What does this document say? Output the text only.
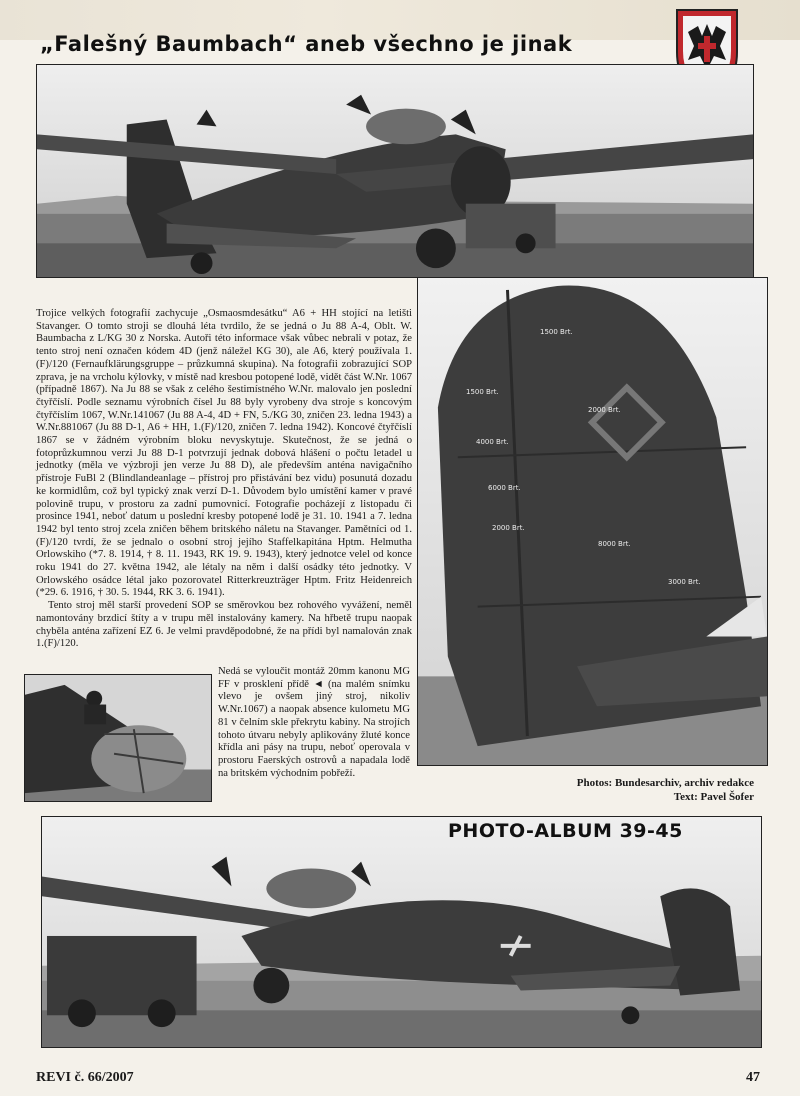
„Falešný Baumbach“ aneb všechno je jinak

Trojice velkých fotografií zachycuje „Osmaosmdesátku“ A6 + HH stojící na letišti Stavanger. O tomto stroji se dlouhá léta tvrdilo, že se jedná o Ju 88 A-4, Oblt. W. Baumbacha z L/KG 30 z Norska. Autoři této informace však vůbec nebrali v potaz, že tento stroj není označen kódem 4D (jenž náležel KG 30), ale A6, který používala 1.(F)/120 (Fernaufklärungsgruppe – průzkumná skupina). Na fotografii zobrazující SOP zprava, je na vrcholu kýlovky, v místě nad kresbou potopené lodě, vidět část W.Nr. 1067 (případně 1867). Na Ju 88 se však z celého šestimístného W.Nr. malovalo jen poslední čtyřčíslí. Podle seznamu výrobních čísel Ju 88 byly vyrobeny dva stroje s koncovým čtyřčíslím 1067, W.Nr.141067 (Ju 88 A-4, 4D + FN, 5./KG 30, zničen 23. ledna 1943) a W.Nr.881067 (Ju 88 D-1, A6 + HH, 1.(F)/120, zničen 7. ledna 1942). Koncové čtyřčíslí 1867 se v žádném výrobním bloku nevyskytuje. Skutečnost, že se jedná o fotoprůzkumnou verzi Ju 88 D-1 potvrzují jednak dobová hlášení o počtu letadel u jednotky (měla ve výzbroji jen verze Ju 88 D), ale především anténa navigačního přístroje FuBl 2 (Blindlandeanlage – přístroj pro přistávání bez vidu) posunutá dozadu ke kormidlům, což byl typický znak verzí D-1. Důvodem bylo umístění kamer v pravé polovině trupu, v prostoru za zadní pumovnicí. Fotografie pocházejí z listopadu či prosince 1941, neboť datum u poslední kresby potopené lodě je 31. 10. 1941 a 7. ledna 1942 byl tento stroj zcela zničen během britského náletu na Stavanger. Pamětníci od 1.(F)/120 tvrdí, že se jednalo o osobní stroj jejího Staffelkapitána Hptm. Helmutha Orlowskiho (*7. 8. 1914, † 8. 11. 1943, RK 19. 9. 1943), který jednotce velel od konce roku 1941 do 27. května 1942, ale létaly na něm i další osádky této jednotky. V Orlowského osádce létal jako pozorovatel Ritterkreuzträger Hptm. Fritz Heidenreich (*29. 6. 1916, † 30. 5. 1944, RK 3. 6. 1941).

Tento stroj měl starší provedení SOP se směrovkou bez rohového vyvážení, neměl namontovány brzdicí štíty a v trupu měl instalovány kamery. Na hřbetě trupu naopak chyběla anténa zařízení EZ 6. Je velmi pravděpodobné, že na přídi byl namalován znak 1.(F)/120.

1500 Brt.
1500 Brt.
2000 Brt.
4000 Brt.
6000 Brt.
8000 Brt.
2000 Brt.
3000 Brt.
Nedá se vyloučit montáž 20mm kanonu MG FF v prosklení přídě ◄ (na malém snímku vlevo je ovšem jiný stroj, nikoliv W.Nr.1067) a naopak absence kulometu MG 81 v čelním skle překrytu kabiny. Na strojích tohoto útvaru nebyly aplikovány žluté konce křídla ani pásy na trupu, neboť operovala v prostoru Faerských ostrovů a napadala lodě na britském východním pobřeží.
Photos: Bundesarchiv, archiv redakce
Text: Pavel Šofer
PHOTO-ALBUM 39-45
REVI č. 66/2007	47
